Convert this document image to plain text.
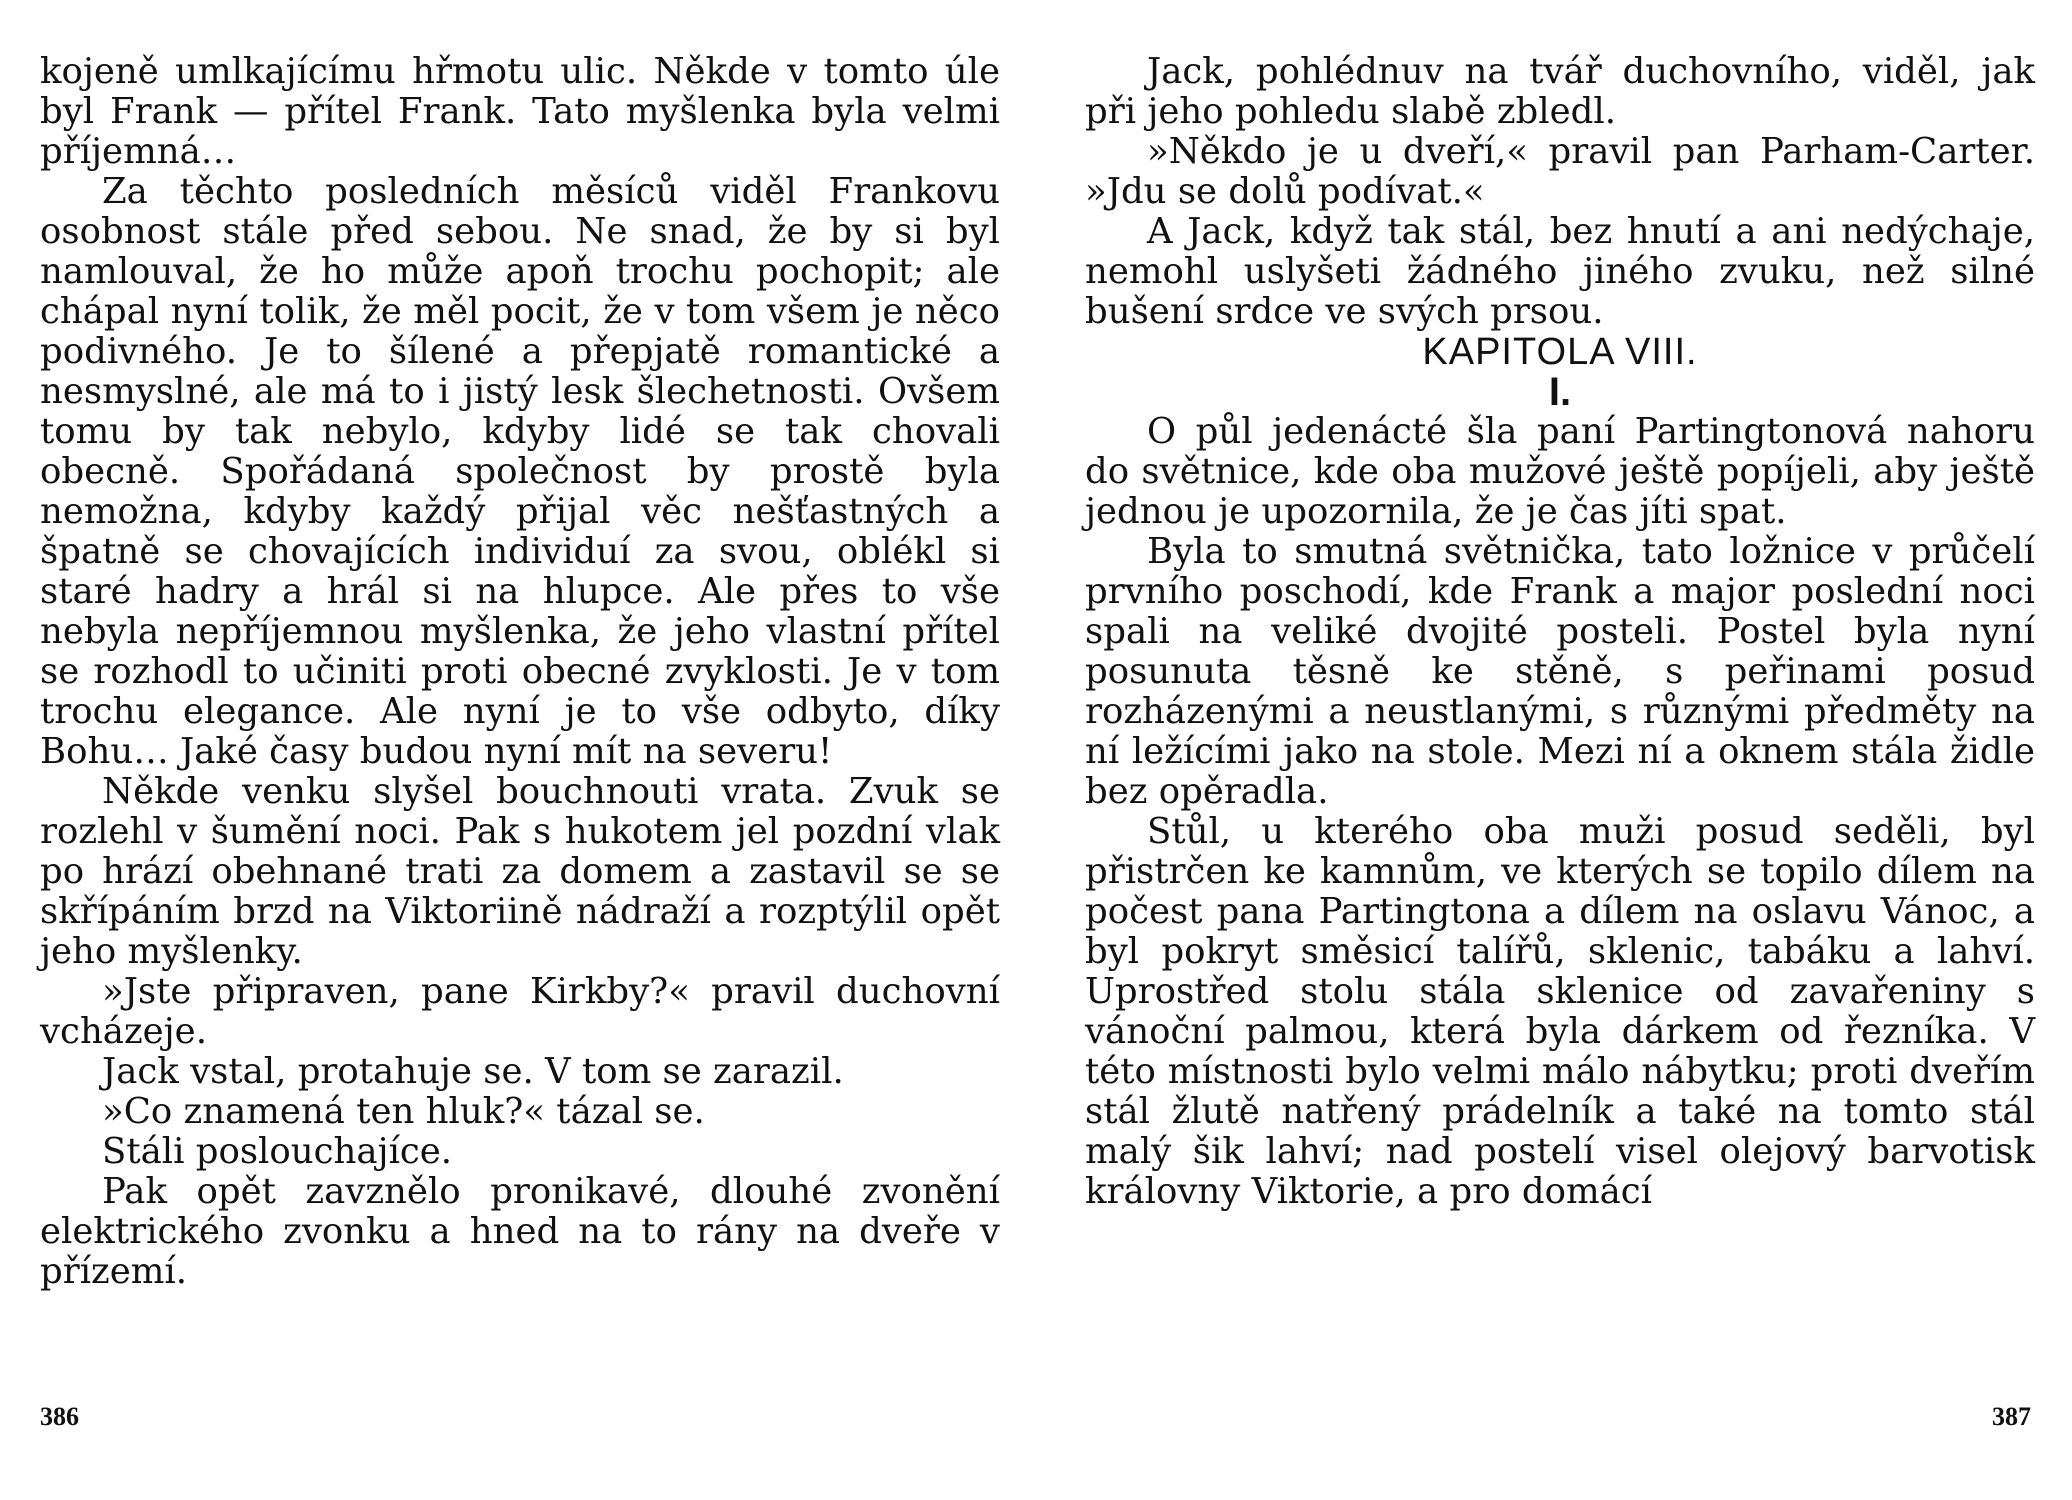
kojeně umlkajícímu hřmotu ulic. Někde v tomto úle byl Frank — přítel Frank. Tato myšlenka byla velmi příjemná…

Za těchto posledních měsíců viděl Frankovu osobnost stále před sebou. Ne snad, že by si byl namlouval, že ho může apoň trochu pochopit; ale chápal nyní tolik, že měl pocit, že v tom všem je něco podivného. Je to šílené a přepjatě romantické a nesmyslné, ale má to i jistý lesk šlechetnosti. Ovšem tomu by tak nebylo, kdyby lidé se tak chovali obecně. Spořádaná společnost by prostě byla nemožna, kdyby každý přijal věc nešťastných a špatně se chovajících individuí za svou, oblékl si staré hadry a hrál si na hlupce. Ale přes to vše nebyla nepříjemnou myšlenka, že jeho vlastní přítel se rozhodl to učiniti proti obecné zvyklosti. Je v tom trochu elegance. Ale nyní je to vše odbyto, díky Bohu… Jaké časy budou nyní mít na severu!

Někde venku slyšel bouchnouti vrata. Zvuk se rozlehl v šumění noci. Pak s hukotem jel pozdní vlak po hrází obehnané trati za domem a zastavil se se skřípáním brzd na Viktoriině nádraží a rozptýlil opět jeho myšlenky.

»Jste připraven, pane Kirkby?« pravil duchovní vcházeje.

Jack vstal, protahuje se. V tom se zarazil.

»Co znamená ten hluk?« tázal se.

Stáli poslouchajíce.

Pak opět zavznělo pronikavé, dlouhé zvonění elektrického zvonku a hned na to rány na dveře v přízemí.

386

Jack, pohlédnuv na tvář duchovního, viděl, jak při jeho pohledu slabě zbledl.

»Někdo je u dveří,« pravil pan Parham-Carter. »Jdu se dolů podívat.«

A Jack, když tak stál, bez hnutí a ani nedýchaje, nemohl uslyšeti žádného jiného zvuku, než silné bušení srdce ve svých prsou.

KAPITOLA VIII.

I.

O půl jedenácté šla paní Partingtonová nahoru do světnice, kde oba mužové ještě popíjeli, aby ještě jednou je upozornila, že je čas jíti spat.

Byla to smutná světnička, tato ložnice v průčelí prvního poschodí, kde Frank a major poslední noci spali na veliké dvojité posteli. Postel byla nyní posunuta těsně ke stěně, s peřinami posud rozházenými a neustlanými, s různými předměty na ní ležícími jako na stole. Mezi ní a oknem stála židle bez opěradla.

Stůl, u kterého oba muži posud seděli, byl přistrčen ke kamnům, ve kterých se topilo dílem na počest pana Partingtona a dílem na oslavu Vánoc, a byl pokryt směsicí talířů, sklenic, tabáku a lahví. Uprostřed stolu stála sklenice od zavařeniny s vánoční palmou, která byla dárkem od řezníka. V této místnosti bylo velmi málo nábytku; proti dveřím stál žlutě natřený prádelník a také na tomto stál malý šik lahví; nad postelí visel olejový barvotisk královny Viktorie, a pro domácí

387
